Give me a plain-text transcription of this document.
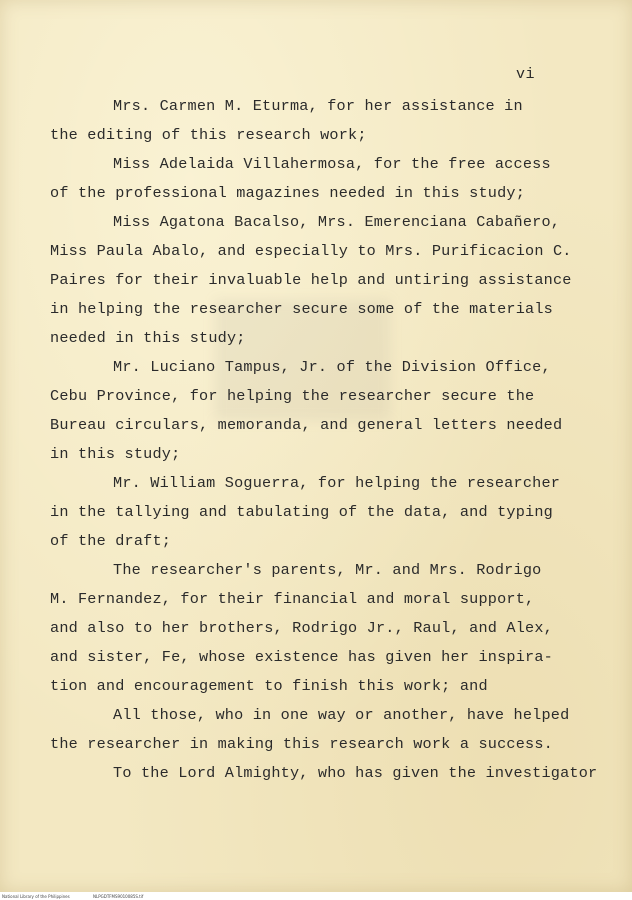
vi
Mrs. Carmen M. Eturma, for her assistance in
the editing of this research work;
Miss Adelaida Villahermosa, for the free access
of the professional magazines needed in this study;
Miss Agatona Bacalso, Mrs. Emerenciana Cabañero,
Miss Paula Abalo, and especially to Mrs. Purificacion C.
Paires for their invaluable help and untiring assistance
in helping the researcher secure some of the materials
needed in this study;
Mr. Luciano Tampus, Jr. of the Division Office,
Cebu Province, for helping the researcher secure the
Bureau circulars, memoranda, and general letters needed
in this study;
Mr. William Soguerra, for helping the researcher
in the tallying and tabulating of the data, and typing
of the draft;
The researcher's parents, Mr. and Mrs. Rodrigo
M. Fernandez, for their financial and moral support,
and also to her brothers, Rodrigo Jr., Raul, and Alex,
and sister, Fe, whose existence has given her inspira-
tion and encouragement to finish this work; and
All those, who in one way or another, have helped
the researcher in making this research work a success.
To the Lord Almighty, who has given the investigator
National Library of the Philippines	NLPGDTFMS9010085S.tif
